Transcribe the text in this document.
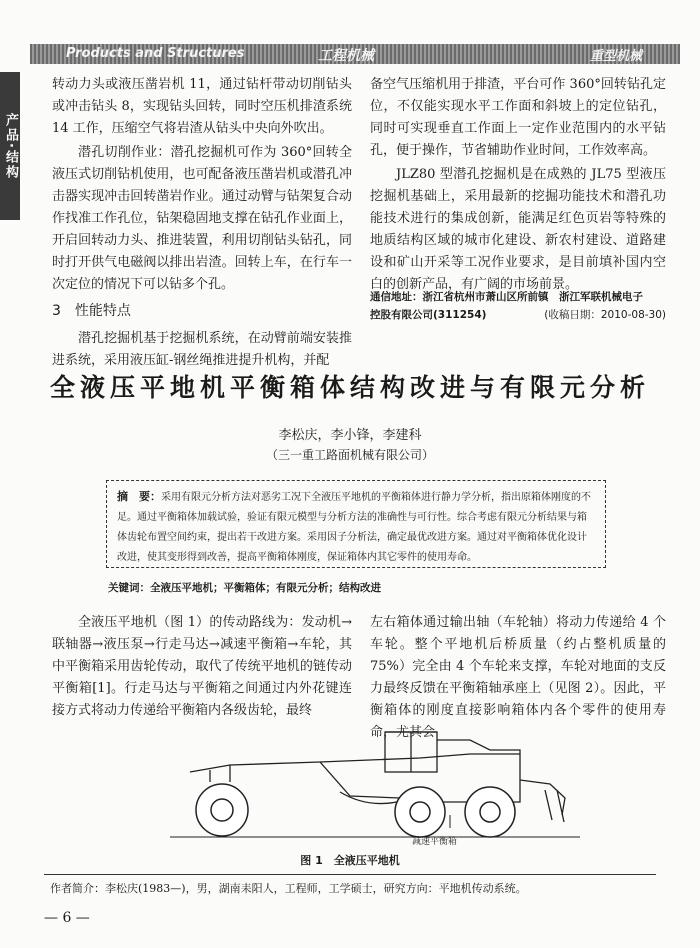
Products and Structures	工程机械	重型机械
产品·结构

转动力头或液压凿岩机 11，通过钻杆带动切削钻头或冲击钻头 8，实现钻头回转，同时空压机排渣系统 14 工作，压缩空气将岩渣从钻头中央向外吹出。

潜孔切削作业：潜孔挖掘机可作为 360°回转全液压式切削钻机使用，也可配备液压凿岩机或潜孔冲击器实现冲击回转凿岩作业。通过动臂与钻架复合动作找准工作孔位，钻架稳固地支撑在钻孔作业面上，开启回转动力头、推进装置，利用切削钻头钻孔，同时打开供气电磁阀以排出岩渣。回转上车，在行车一次定位的情况下可以钻多个孔。

3　性能特点

潜孔挖掘机基于挖掘机系统，在动臂前端安装推进系统，采用液压缸-钢丝绳推进提升机构，并配

备空气压缩机用于排渣，平台可作 360°回转钻孔定位，不仅能实现水平工作面和斜坡上的定位钻孔，同时可实现垂直工作面上一定作业范围内的水平钻孔，便于操作，节省辅助作业时间，工作效率高。

JLZ80 型潜孔挖掘机是在成熟的 JL75 型液压挖掘机基础上，采用最新的挖掘功能技术和潜孔功能技术进行的集成创新，能满足红色页岩等特殊的地质结构区域的城市化建设、新农村建设、道路建设和矿山开采等工况作业要求，是目前填补国内空白的创新产品，有广阔的市场前景。

通信地址：浙江省杭州市萧山区所前镇　浙江军联机械电子
控股有限公司(311254)	(收稿日期：2010-08-30)
全液压平地机平衡箱体结构改进与有限元分析
李松庆，李小锋，李建科
（三一重工路面机械有限公司）
摘　要：采用有限元分析方法对恶劣工况下全液压平地机的平衡箱体进行静力学分析，指出原箱体刚度的不足。通过平衡箱体加载试验，验证有限元模型与分析方法的准确性与可行性。综合考虑有限元分析结果与箱体齿轮布置空间约束，提出若干改进方案。采用因子分析法，确定最优改进方案。通过对平衡箱体优化设计改进，使其变形得到改善，提高平衡箱体刚度，保证箱体内其它零件的使用寿命。
关键词：全液压平地机；平衡箱体；有限元分析；结构改进

全液压平地机（图 1）的传动路线为：发动机→联轴器→液压泵→行走马达→减速平衡箱→车轮，其中平衡箱采用齿轮传动，取代了传统平地机的链传动平衡箱[1]。行走马达与平衡箱之间通过内外花键连接方式将动力传递给平衡箱内各级齿轮，最终

左右箱体通过输出轴（车轮轴）将动力传递给 4 个车轮。整个平地机后桥质量（约占整机质量的 75%）完全由 4 个车轮来支撑，车轮对地面的支反力最终反馈在平衡箱轴承座上（见图 2）。因此，平衡箱体的刚度直接影响箱体内各个零件的使用寿命，尤其会

减速平衡箱
图 1　全液压平地机
作者简介：李松庆(1983—)，男，湖南耒阳人，工程师，工学硕士，研究方向：平地机传动系统。
— 6 —
